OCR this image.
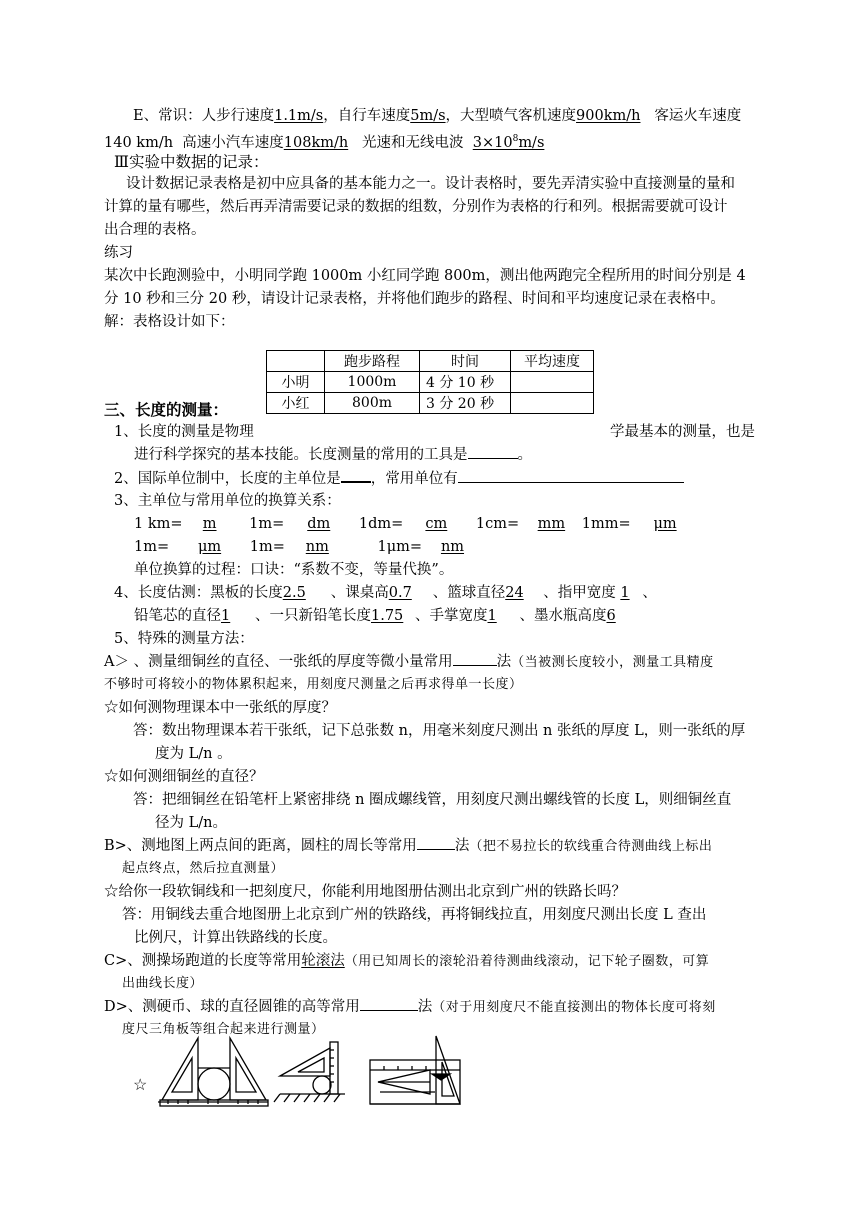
E、常识：人步行速度1.1m/s，自行车速度5m/s，大型喷气客机速度900km/h 客运火车速度
140 km/h 高速小汽车速度108km/h 光速和无线电波 $3\times 10^8m/s$
Ⅲ实验中数据的记录：
设计数据记录表格是初中应具备的基本能力之一。设计表格时，要先弄清实验中直接测量的量和
计算的量有哪些，然后再弄清需要记录的数据的组数，分别作为表格的行和列。根据需要就可设计
出合理的表格。
练习
某次中长跑测验中，小明同学跑 1000m 小红同学跑 800m，测出他两跑完全程所用的时间分别是 4
分 10 秒和三分 20 秒，请设计记录表格，并将他们跑步的路程、时间和平均速度记录在表格中。
解：表格设计如下：
	跑步路程	时间	平均速度
小明	1000m	4 分 10 秒	
小红	800m	3 分 20 秒	
三、长度的测量：
1、长度的测量是物理	学最基本的测量，也是
进行科学探究的基本技能。长度测量的常用的工具是	。
2、国际单位制中，长度的主单位是 ，常用单位有
3、主单位与常用单位的换算关系：
1 km= m 1m= dm 1dm= cm 1cm= mm 1mm= μm
1m= μm 1m= nm	1μm= nm
单位换算的过程：口诀：“系数不变，等量代换”。
4、长度估测：黑板的长度2.5 、课桌高0.7 、篮球直径24 、指甲宽度 1 、
铅笔芯的直径1 、一只新铅笔长度1.75 、手掌宽度1 、墨水瓶高度6
5、特殊的测量方法：
A＞ 、测量细铜丝的直径、一张纸的厚度等微小量常用	法（当被测长度较小，测量工具精度
不够时可将较小的物体累积起来，用刻度尺测量之后再求得单一长度）
☆如何测物理课本中一张纸的厚度？
答：数出物理课本若干张纸，记下总张数 n，用毫米刻度尺测出 n 张纸的厚度 L，则一张纸的厚
度为 L/n 。
☆如何测细铜丝的直径？
答：把细铜丝在铅笔杆上紧密排绕 n 圈成螺线管，用刻度尺测出螺线管的长度 L，则细铜丝直
径为 L/n。
B>、测地图上两点间的距离，圆柱的周长等常用	法（把不易拉长的软线重合待测曲线上标出
起点终点，然后拉直测量）
☆给你一段软铜线和一把刻度尺，你能利用地图册估测出北京到广州的铁路长吗？
答：用铜线去重合地图册上北京到广州的铁路线，再将铜线拉直，用刻度尺测出长度 L 查出
比例尺，计算出铁路线的长度。
C>、测操场跑道的长度等常用轮滚法（用已知周长的滚轮沿着待测曲线滚动，记下轮子圈数，可算
出曲线长度）
D>、测硬币、球的直径圆锥的高等常用	法（对于用刻度尺不能直接测出的物体长度可将刻
度尺三角板等组合起来进行测量）
☆
